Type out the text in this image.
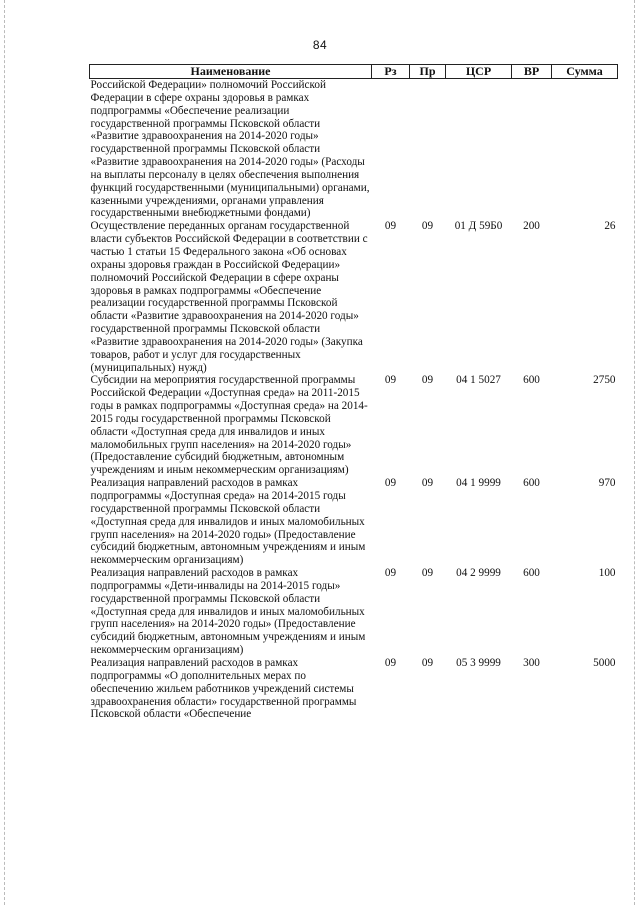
84
Наименование	Рз	Пр	ЦСР	ВР	Сумма
Российской Федерации» полномочий Российской Федерации в сфере охраны здоровья в рамках подпрограммы «Обеспечение реализации государственной программы Псковской области «Развитие здравоохранения на 2014-2020 годы» государственной программы Псковской области «Развитие здравоохранения на 2014-2020 годы» (Расходы на выплаты персоналу в целях обеспечения выполнения функций государственными (муниципальными) органами, казенными учреждениями, органами управления государственными внебюджетными фондами)					
Осуществление переданных органам государственной власти субъектов Российской Федерации в соответствии с частью 1 статьи 15 Федерального закона «Об основах охраны здоровья граждан в Российской Федерации» полномочий Российской Федерации в сфере охраны здоровья в рамках подпрограммы «Обеспечение реализации государственной программы Псковской области «Развитие здравоохранения на 2014-2020 годы» государственной программы Псковской области «Развитие здравоохранения на 2014-2020 годы» (Закупка товаров, работ и услуг для государственных (муниципальных) нужд)	09	09	01 Д 59Б0	200	26
Субсидии на мероприятия государственной программы Российской Федерации «Доступная среда» на 2011-2015 годы в рамках подпрограммы «Доступная среда» на 2014-2015 годы государственной программы Псковской области «Доступная среда для инвалидов и иных маломобильных групп населения» на 2014-2020 годы» (Предоставление субсидий бюджетным, автономным учреждениям и иным некоммерческим организациям)	09	09	04 1 5027	600	2750
Реализация направлений расходов в рамках подпрограммы «Доступная среда» на 2014-2015 годы государственной программы Псковской области «Доступная среда для инвалидов и иных маломобильных групп населения» на 2014-2020 годы» (Предоставление субсидий бюджетным, автономным учреждениям и иным некоммерческим организациям)	09	09	04 1 9999	600	970
Реализация направлений расходов в рамках подпрограммы «Дети-инвалиды на 2014-2015 годы» государственной программы Псковской области «Доступная среда для инвалидов и иных маломобильных групп населения» на 2014-2020 годы» (Предоставление субсидий бюджетным, автономным учреждениям и иным некоммерческим организациям)	09	09	04 2 9999	600	100
Реализация направлений расходов в рамках подпрограммы «О дополнительных мерах по обеспечению жильем работников учреждений системы здравоохранения области» государственной программы Псковской области «Обеспечение	09	09	05 3 9999	300	5000
